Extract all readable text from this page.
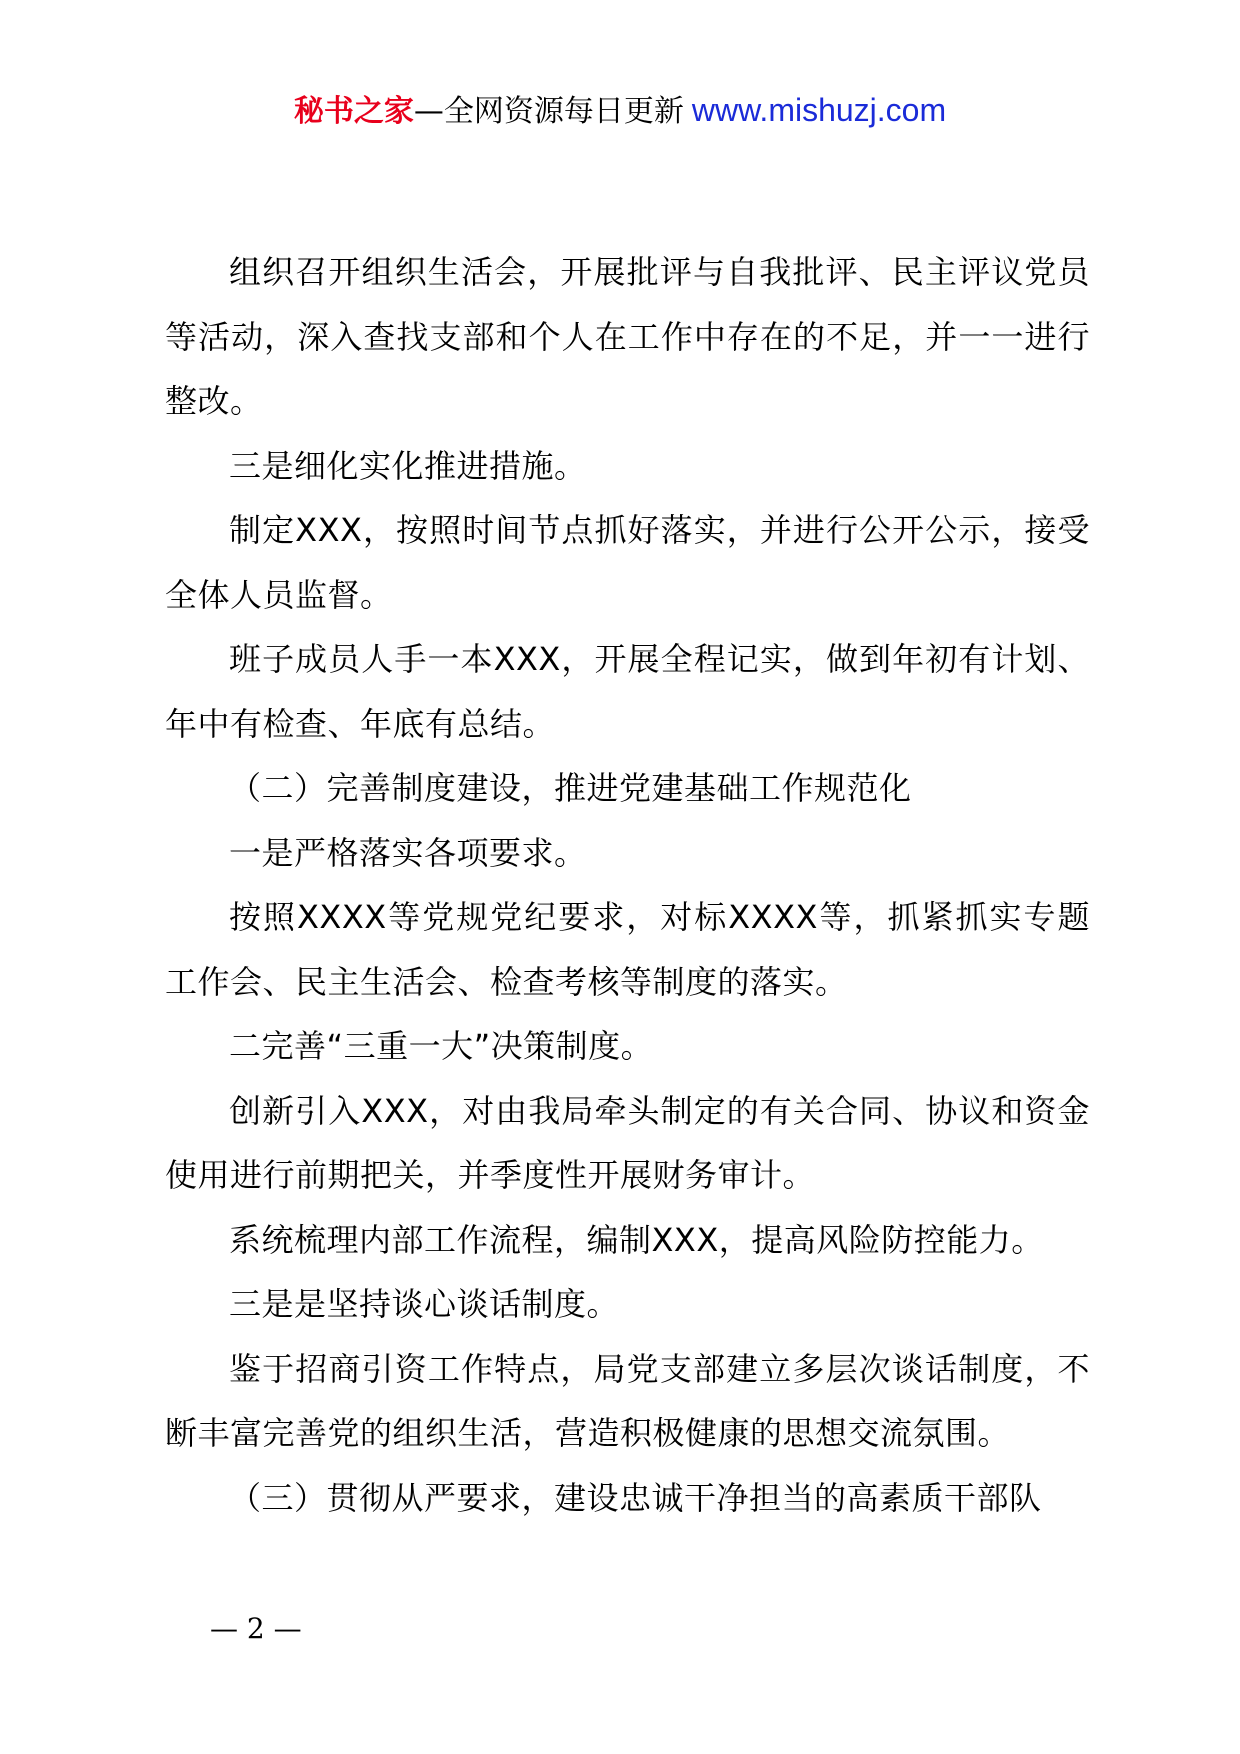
秘书之家—全网资源每日更新 www.mishuzj.com

组织召开组织生活会，开展批评与自我批评、民主评议党员等活动，深入查找支部和个人在工作中存在的不足，并一一进行整改。

三是细化实化推进措施。

制定XXX，按照时间节点抓好落实，并进行公开公示，接受全体人员监督。

班子成员人手一本XXX，开展全程记实，做到年初有计划、年中有检查、年底有总结。

（二）完善制度建设，推进党建基础工作规范化

一是严格落实各项要求。

按照XXXX等党规党纪要求，对标XXXX等，抓紧抓实专题工作会、民主生活会、检查考核等制度的落实。

二完善“三重一大”决策制度。

创新引入XXX，对由我局牵头制定的有关合同、协议和资金使用进行前期把关，并季度性开展财务审计。

系统梳理内部工作流程，编制XXX，提高风险防控能力。

三是是坚持谈心谈话制度。

鉴于招商引资工作特点，局党支部建立多层次谈话制度，不断丰富完善党的组织生活，营造积极健康的思想交流氛围。

（三）贯彻从严要求，建设忠诚干净担当的高素质干部队

— 2 —
